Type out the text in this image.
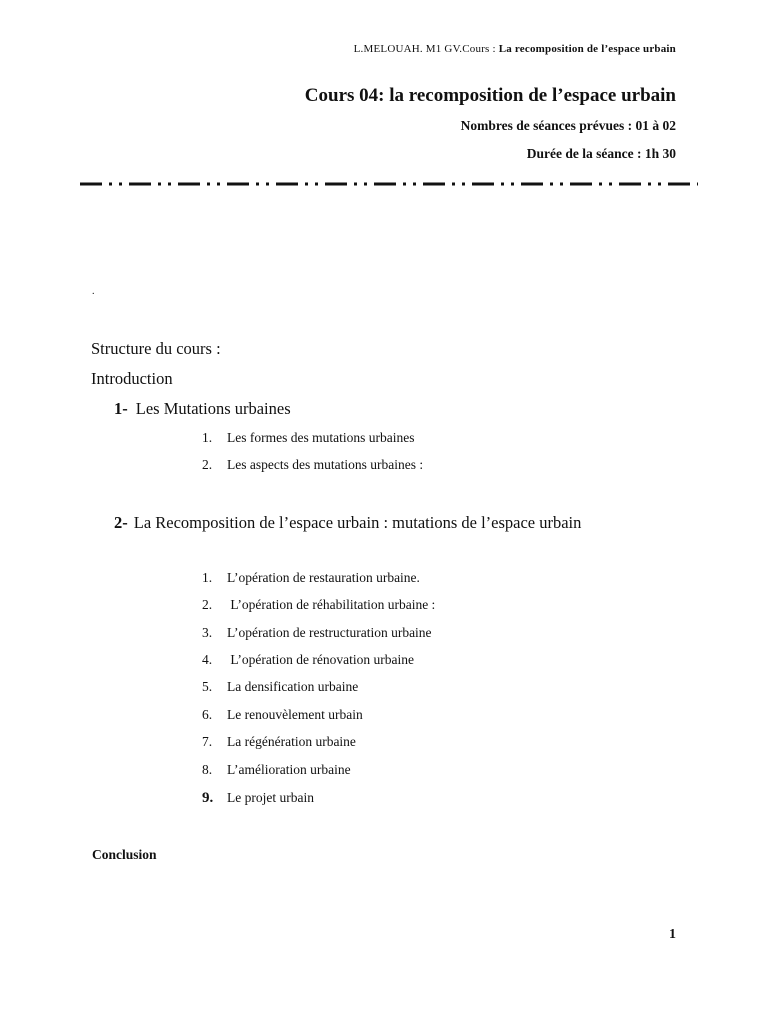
L.MELOUAH. M1 GV.Cours : La recomposition de l’espace urbain
Cours 04: la recomposition de l’espace urbain
Nombres de séances prévues : 01 à 02
Durée de la séance : 1h 30
.
Structure du cours :
Introduction
1- Les Mutations urbaines
1. Les formes des mutations urbaines
2. Les aspects des mutations urbaines :
2- La Recomposition de l’espace urbain : mutations de l’espace urbain
1. L’opération de restauration urbaine.
2. L’opération de réhabilitation urbaine :
3. L’opération de restructuration urbaine
4. L’opération de rénovation urbaine
5. La densification urbaine
6. Le renouvèlement urbain
7. La régénération urbaine
8. L’amélioration urbaine
9. Le projet urbain
Conclusion
1
